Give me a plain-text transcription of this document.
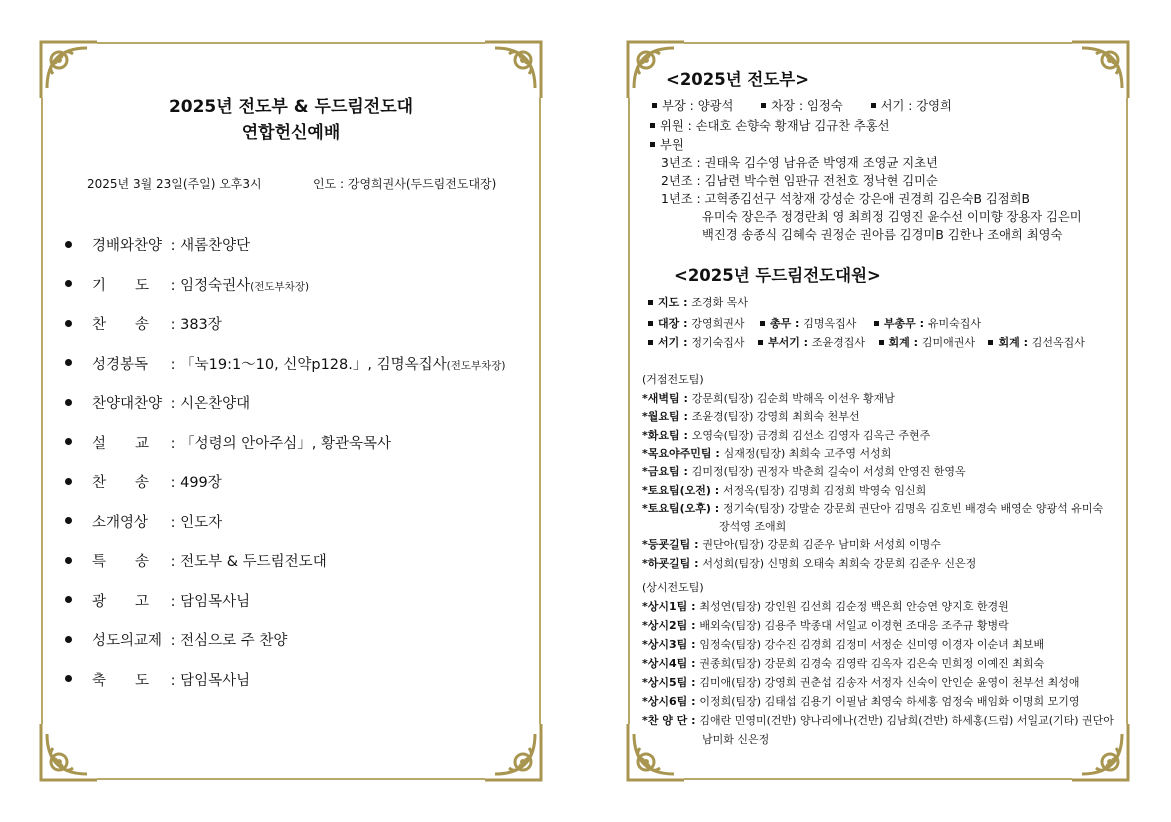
2025년 전도부 & 두드림전도대
연합헌신예배
2025년 3월 23일(주일) 오후3시	인도 : 강영희권사(두드림전도대장)
경배와찬양 : 새롬찬양단
기　　도 : 임정숙권사(전도부차장)
찬　　송 : 383장
성경봉독 : 「눅19:1～10, 신약p128.」, 김명옥집사(전도부차장)
찬양대찬양 : 시온찬양대
설　　교 : 「성령의 안아주심」, 황관욱목사
찬　　송 : 499장
소개영상 : 인도자
특　　송 : 전도부 & 두드림전도대
광　　고 : 담임목사님
성도의교제 : 전심으로 주 찬양
축　　도 : 담임목사님
<2025년 전도부>
부장 : 양광석	차장 : 임정숙	서기 : 강영희
위원 : 손대호 손향숙 황재남 김규찬 추홍선
부원
3년조 : 권태욱 김수영 남유준 박영재 조영균 지초년
2년조 : 김남련 박수현 임판규 전천호 정낙현 김미순
1년조 : 고혁종김선구 석창재 강성순 강은애 권경희 김은숙B 김점희B
유미숙 장은주 정경란최 영 최희정 김영진 윤수선 이미향 장용자 김은미
백진경 송종식 김혜숙 권정순 권아름 김경미B 김한나 조애희 최영숙
<2025년 두드림전도대원>
지도 : 조경화 목사
대장 : 강영희권사 총무 : 김명옥집사	부총무 : 유미숙집사
서기 : 정기숙집사 부서기 : 조윤경집사 회계 : 김미애권사 회계 : 김선옥집사
(거점전도팀)
*새벽팀 : 강문희(팀장) 김순희 박해옥 이선우 황재남
*월요팀 : 조윤경(팀장) 강영희 최희숙 천부선
*화요팀 : 오영숙(팀장) 금경희 김선소 김영자 김옥근 주현주
*목요야주민팀 : 심재정(팀장) 최희숙 고주영 서성희
*금요팀 : 김미정(팀장) 권정자 박춘희 길숙이 서성희 안영진 한영옥
*토요팀(오전) : 서정옥(팀장) 김명희 김정희 박영숙 임신희
*토요팀(오후) : 정기숙(팀장) 강말순 강문희 권단아 김명옥 김호빈 배경숙 배영순 양광석 유미숙
장석영 조애희
*등굣길팀 : 권단아(팀장) 강문희 김준우 남미화 서성희 이명수
*하굣길팀 : 서성희(팀장) 신명희 오태숙 최희숙 강문희 김준우 신은정
(상시전도팀)
*상시1팀 : 최성연(팀장) 강인원 김선희 김순정 백은희 안승연 양지호 한경원
*상시2팀 : 배외숙(팀장) 김용주 박종대 서일교 이경현 조대응 조주규 황병락
*상시3팀 : 임정숙(팀장) 강수진 김경희 김정미 서정순 신미영 이경자 이순녀 최보배
*상시4팀 : 권종희(팀장) 강문희 김경숙 김영락 김옥자 김은숙 민희정 이예진 최희숙
*상시5팀 : 김미애(팀장) 강영희 권춘섭 김송자 서정자 신숙이 안인순 윤영이 천부선 최성애
*상시6팀 : 이정희(팀장) 김태섭 김용기 이필남 최영숙 하세홍 엄정숙 배임화 이명희 모기영
*찬 양 단 : 김애란 민영미(건반) 양나리에나(건반) 김남희(건반) 하세홍(드럼) 서일교(기타) 권단아
남미화 신은정
